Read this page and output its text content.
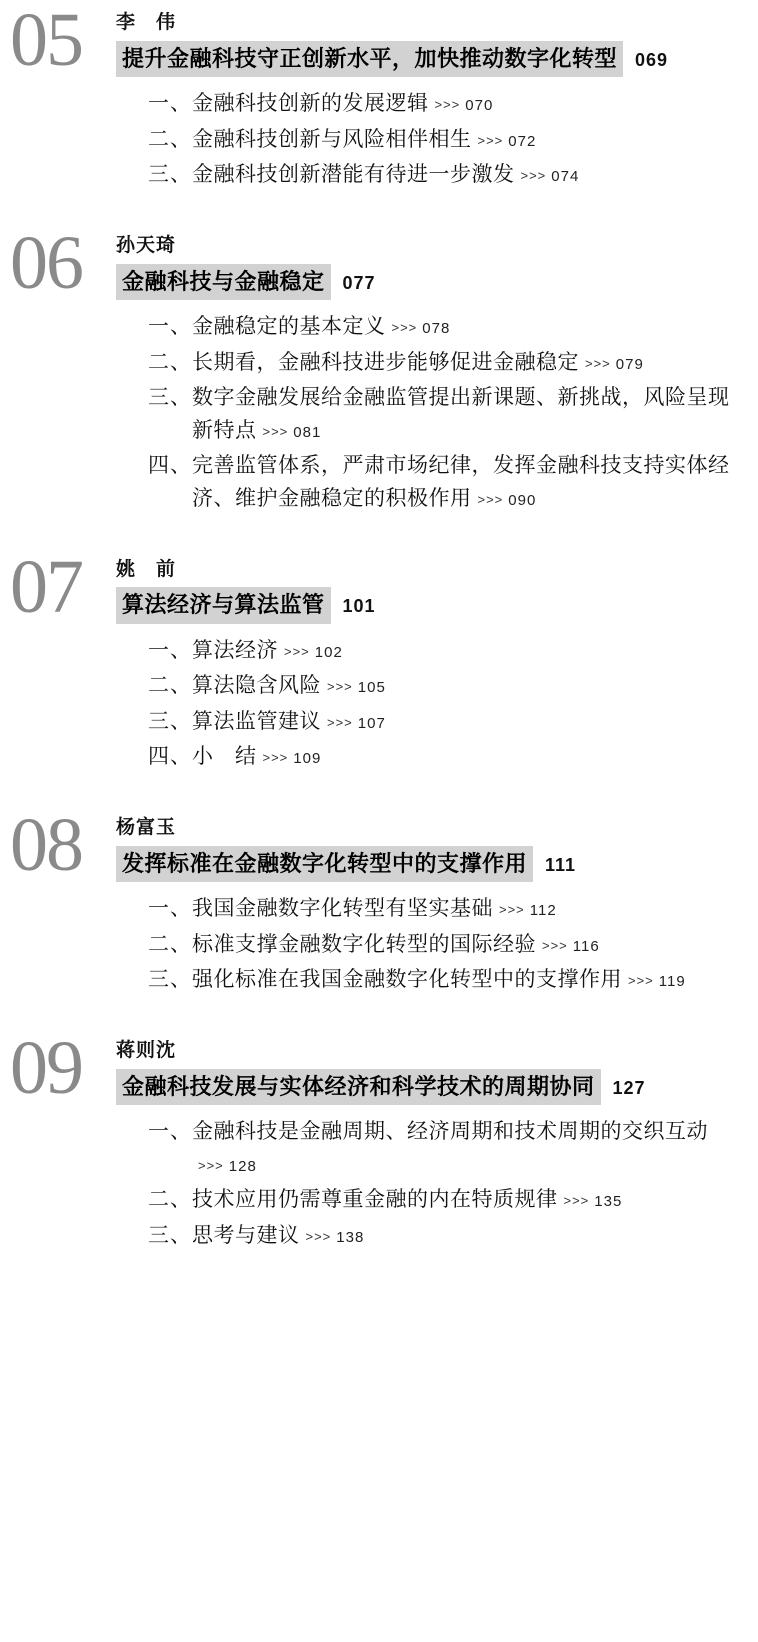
05 李　伟
提升金融科技守正创新水平，加快推动数字化转型	069
一、 金融科技创新的发展逻辑 >>> 070
二、 金融科技创新与风险相伴相生 >>> 072
三、 金融科技创新潜能有待进一步激发 >>> 074
06 孙天琦
金融科技与金融稳定	077
一、 金融稳定的基本定义 >>> 078
二、 长期看，金融科技进步能够促进金融稳定 >>> 079
三、 数字金融发展给金融监管提出新课题、新挑战，风险呈现新特点 >>> 081
四、 完善监管体系，严肃市场纪律，发挥金融科技支持实体经济、维护金融稳定的积极作用 >>> 090
07 姚　前
算法经济与算法监管	101
一、 算法经济 >>> 102
二、 算法隐含风险 >>> 105
三、 算法监管建议 >>> 107
四、 小　结 >>> 109
08 杨富玉
发挥标准在金融数字化转型中的支撑作用	111
一、 我国金融数字化转型有坚实基础 >>> 112
二、 标准支撑金融数字化转型的国际经验 >>> 116
三、 强化标准在我国金融数字化转型中的支撑作用 >>> 119
09 蒋则沈
金融科技发展与实体经济和科学技术的周期协同	127
一、 金融科技是金融周期、经济周期和技术周期的交织互动>>> 128
二、 技术应用仍需尊重金融的内在特质规律 >>> 135
三、 思考与建议 >>> 138
